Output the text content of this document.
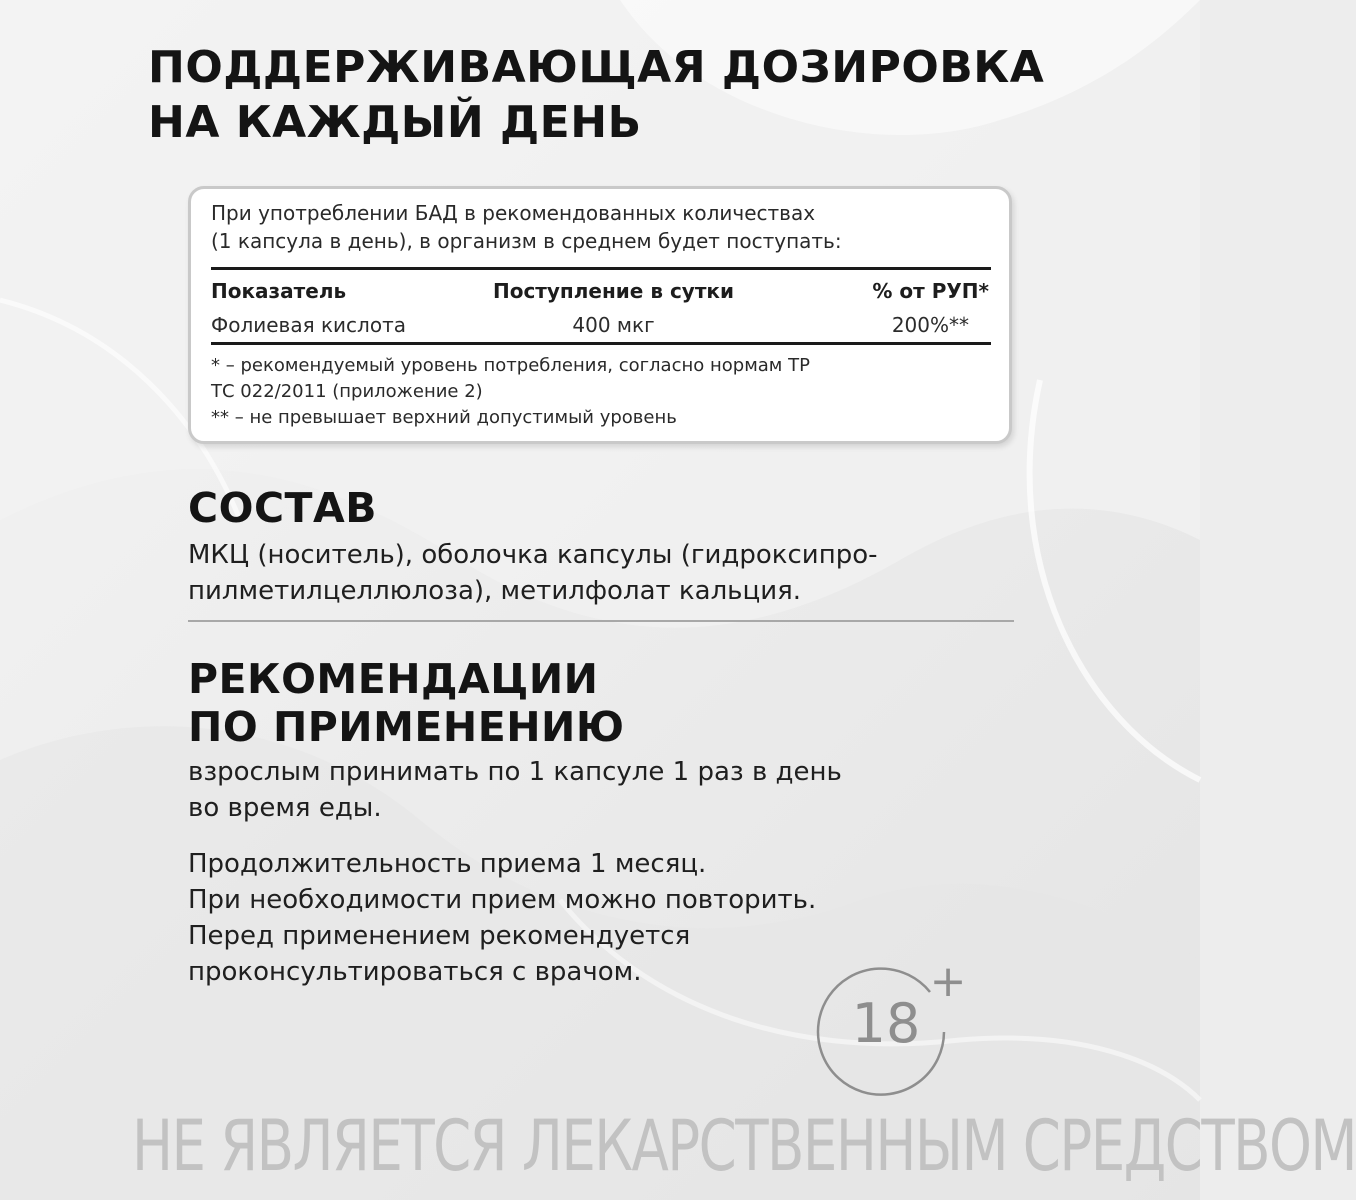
ПОДДЕРЖИВАЮЩАЯ ДОЗИРОВКА
НА КАЖДЫЙ ДЕНЬ
При употреблении БАД в рекомендованных количествах
(1 капсула в день), в организм в среднем будет поступать:
Показатель	Поступление в сутки	% от РУП*
Фолиевая кислота	400 мкг	200%**
* – рекомендуемый уровень потребления, согласно нормам ТР
ТС 022/2011 (приложение 2)
** – не превышает верхний допустимый уровень
СОСТАВ
МКЦ (носитель), оболочка капсулы (гидроксипро-
пилметилцеллюлоза), метилфолат кальция.
РЕКОМЕНДАЦИИ
ПО ПРИМЕНЕНИЮ
взрослым принимать по 1 капсуле 1 раз в день
во время еды.
Продолжительность приема 1 месяц.
При необходимости прием можно повторить.
Перед применением рекомендуется
проконсультироваться с врачом.
18
+
НЕ ЯВЛЯЕТСЯ ЛЕКАРСТВЕННЫМ СРЕДСТВОМ
